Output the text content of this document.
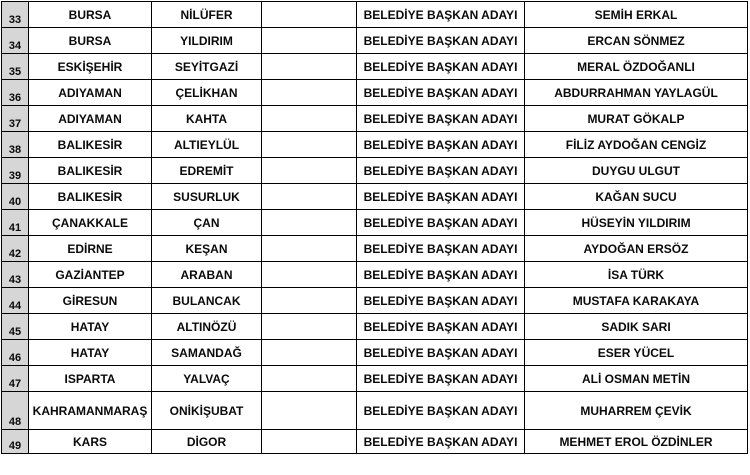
33	BURSA	NİLÜFER		BELEDİYE BAŞKAN ADAYI	SEMİH ERKAL
34	BURSA	YILDIRIM		BELEDİYE BAŞKAN ADAYI	ERCAN SÖNMEZ
35	ESKİŞEHİR	SEYİTGAZİ		BELEDİYE BAŞKAN ADAYI	MERAL ÖZDOĞANLI
36	ADIYAMAN	ÇELİKHAN		BELEDİYE BAŞKAN ADAYI	ABDURRAHMAN YAYLAGÜL
37	ADIYAMAN	KAHTA		BELEDİYE BAŞKAN ADAYI	MURAT GÖKALP
38	BALIKESİR	ALTIEYLÜL		BELEDİYE BAŞKAN ADAYI	FİLİZ AYDOĞAN CENGİZ
39	BALIKESİR	EDREMİT		BELEDİYE BAŞKAN ADAYI	DUYGU ULGUT
40	BALIKESİR	SUSURLUK		BELEDİYE BAŞKAN ADAYI	KAĞAN SUCU
41	ÇANAKKALE	ÇAN		BELEDİYE BAŞKAN ADAYI	HÜSEYİN YILDIRIM
42	EDİRNE	KEŞAN		BELEDİYE BAŞKAN ADAYI	AYDOĞAN ERSÖZ
43	GAZİANTEP	ARABAN		BELEDİYE BAŞKAN ADAYI	İSA TÜRK
44	GİRESUN	BULANCAK		BELEDİYE BAŞKAN ADAYI	MUSTAFA KARAKAYA
45	HATAY	ALTINÖZÜ		BELEDİYE BAŞKAN ADAYI	SADIK SARI
46	HATAY	SAMANDAĞ		BELEDİYE BAŞKAN ADAYI	ESER YÜCEL
47	ISPARTA	YALVAÇ		BELEDİYE BAŞKAN ADAYI	ALİ OSMAN METİN
48	KAHRAMANMARAŞ	ONİKİŞUBAT		BELEDİYE BAŞKAN ADAYI	MUHARREM ÇEVİK
49	KARS	DİGOR		BELEDİYE BAŞKAN ADAYI	MEHMET EROL ÖZDİNLER
